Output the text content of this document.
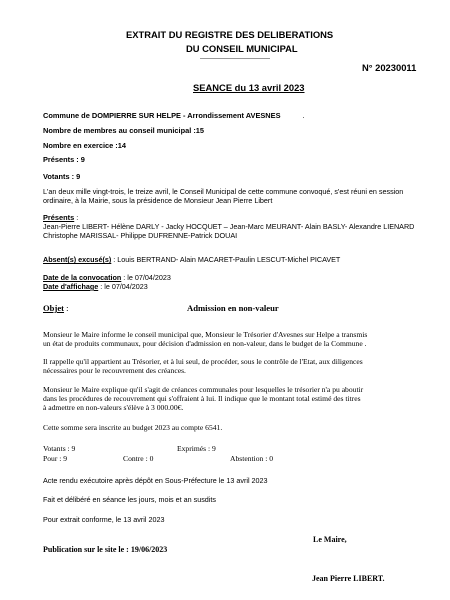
EXTRAIT DU REGISTRE DES DELIBERATIONS
DU CONSEIL MUNICIPAL
N° 20230011
SEANCE du 13 avril 2023
Commune de DOMPIERRE SUR HELPE - Arrondissement AVESNES	.
Nombre de membres au conseil municipal :15
Nombre en exercice :14
Présents : 9
Votants : 9
L'an deux mille vingt-trois, le treize avril, le Conseil Municipal de cette commune convoqué, s'est réuni en session
ordinaire, à la Mairie, sous la présidence de Monsieur Jean Pierre Libert
Présents :
Jean-Pierre LIBERT- Hélène DARLY - Jacky HOCQUET – Jean-Marc MEURANT- Alain BASLY- Alexandre LIENARD
Christophe MARISSAL- Philippe DUFRENNE-Patrick DOUAI
Absent(s) excusé(s) : Louis BERTRAND- Alain MACARET-Paulin LESCUT-Michel PICAVET
Date de la convocation : le 07/04/2023
Date d'affichage : le 07/04/2023
Objet :	Admission en non-valeur
Monsieur le Maire informe le conseil municipal que, Monsieur le Trésorier d'Avesnes sur Helpe a transmis
un état de produits communaux, pour décision d'admission en non-valeur, dans le budget de la Commune .
Il rappelle qu'il appartient au Trésorier, et à lui seul, de procéder, sous le contrôle de l'Etat, aux diligences
nécessaires pour le recouvrement des créances.
Monsieur le Maire explique qu'il s'agit de créances communales pour lesquelles le trésorier n'a pu aboutir
dans les procédures de recouvrement qui s'offraient à lui. Il indique que le montant total estimé des titres
à admettre en non-valeurs s'élève à 3 000.00€.
Cette somme sera inscrite au budget 2023 au compte 6541.
Votants : 9	Exprimés : 9
Pour : 9	Contre : 0	Abstention : 0
Acte rendu exécutoire après dépôt en Sous-Préfecture le 13 avril 2023
Fait et délibéré en séance les jours, mois et an susdits
Pour extrait conforme, le 13 avril 2023
Le Maire,
Publication sur le site le : 19/06/2023
Jean Pierre LIBERT.
